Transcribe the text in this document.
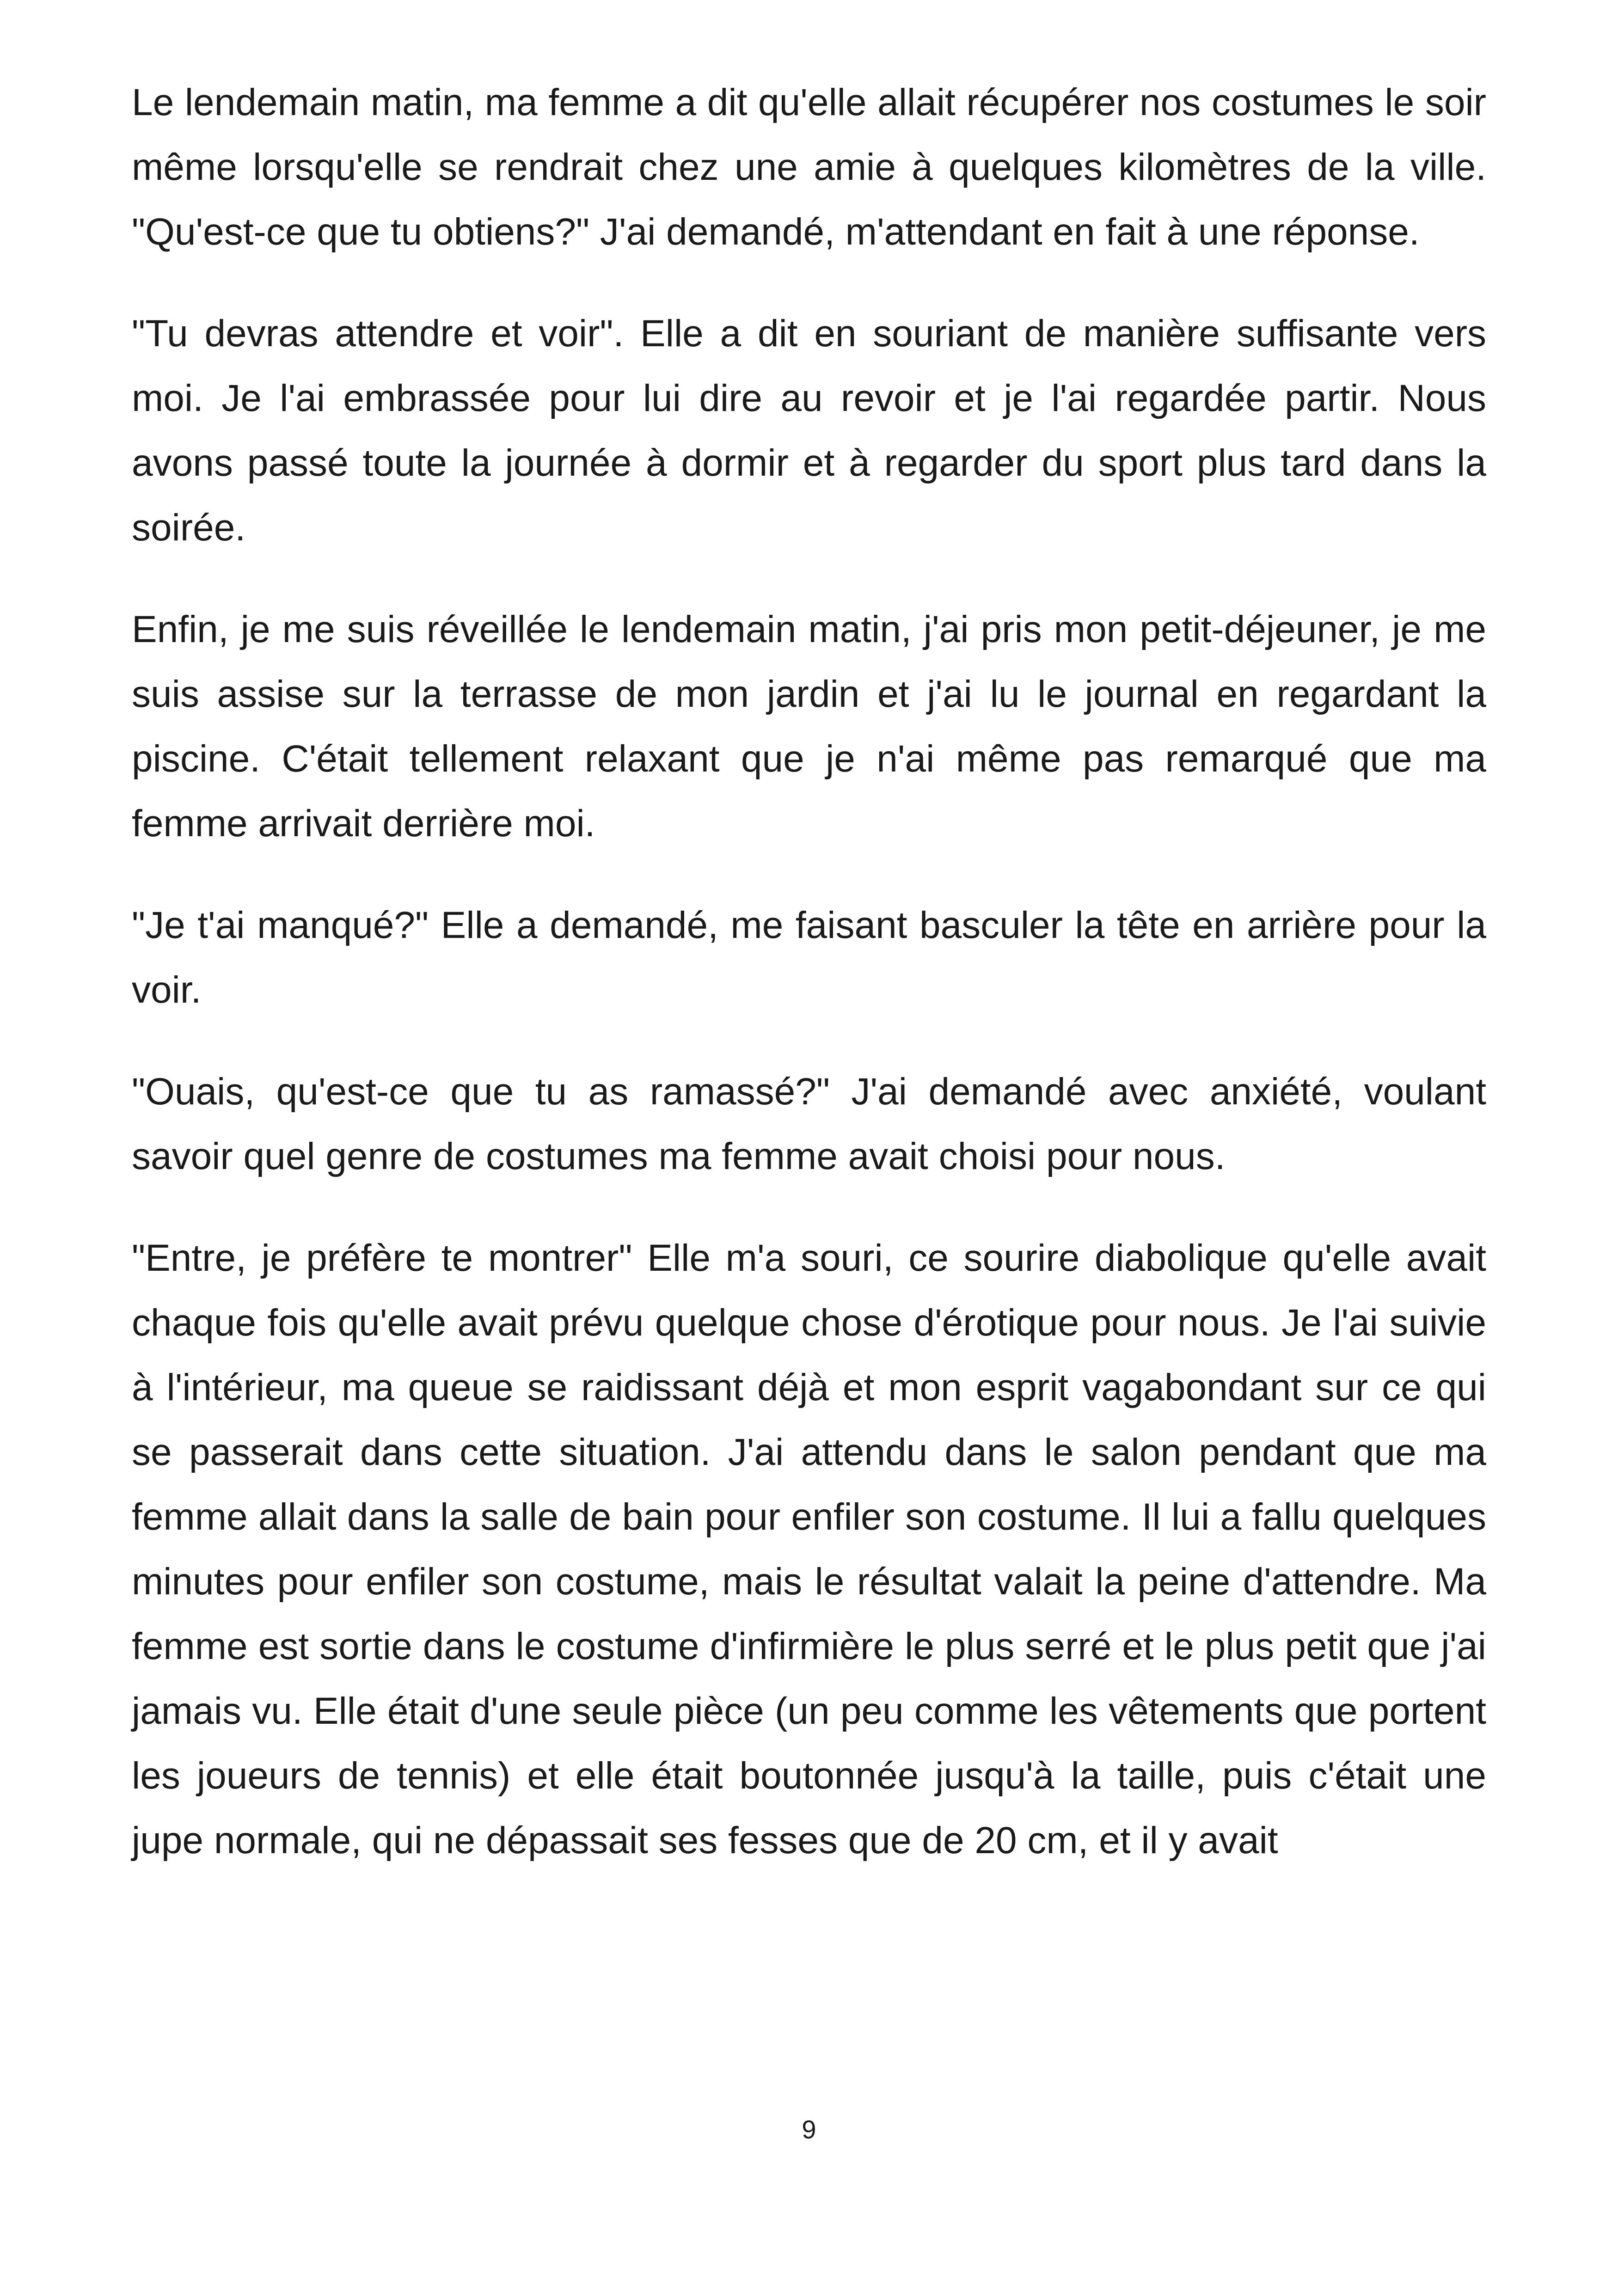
Le lendemain matin, ma femme a dit qu'elle allait récupérer nos costumes le soir même lorsqu'elle se rendrait chez une amie à quelques kilomètres de la ville. "Qu'est-ce que tu obtiens?" J'ai demandé, m'attendant en fait à une réponse.

"Tu devras attendre et voir". Elle a dit en souriant de manière suffisante vers moi. Je l'ai embrassée pour lui dire au revoir et je l'ai regardée partir. Nous avons passé toute la journée à dormir et à regarder du sport plus tard dans la soirée.

Enfin, je me suis réveillée le lendemain matin, j'ai pris mon petit-déjeuner, je me suis assise sur la terrasse de mon jardin et j'ai lu le journal en regardant la piscine. C'était tellement relaxant que je n'ai même pas remarqué que ma femme arrivait derrière moi.

"Je t'ai manqué?" Elle a demandé, me faisant basculer la tête en arrière pour la voir.

"Ouais, qu'est-ce que tu as ramassé?" J'ai demandé avec anxiété, voulant savoir quel genre de costumes ma femme avait choisi pour nous.

"Entre, je préfère te montrer" Elle m'a souri, ce sourire diabolique qu'elle avait chaque fois qu'elle avait prévu quelque chose d'érotique pour nous. Je l'ai suivie à l'intérieur, ma queue se raidissant déjà et mon esprit vagabondant sur ce qui se passerait dans cette situation. J'ai attendu dans le salon pendant que ma femme allait dans la salle de bain pour enfiler son costume. Il lui a fallu quelques minutes pour enfiler son costume, mais le résultat valait la peine d'attendre. Ma femme est sortie dans le costume d'infirmière le plus serré et le plus petit que j'ai jamais vu. Elle était d'une seule pièce (un peu comme les vêtements que portent les joueurs de tennis) et elle était boutonnée jusqu'à la taille, puis c'était une jupe normale, qui ne dépassait ses fesses que de 20 cm, et il y avait

9
